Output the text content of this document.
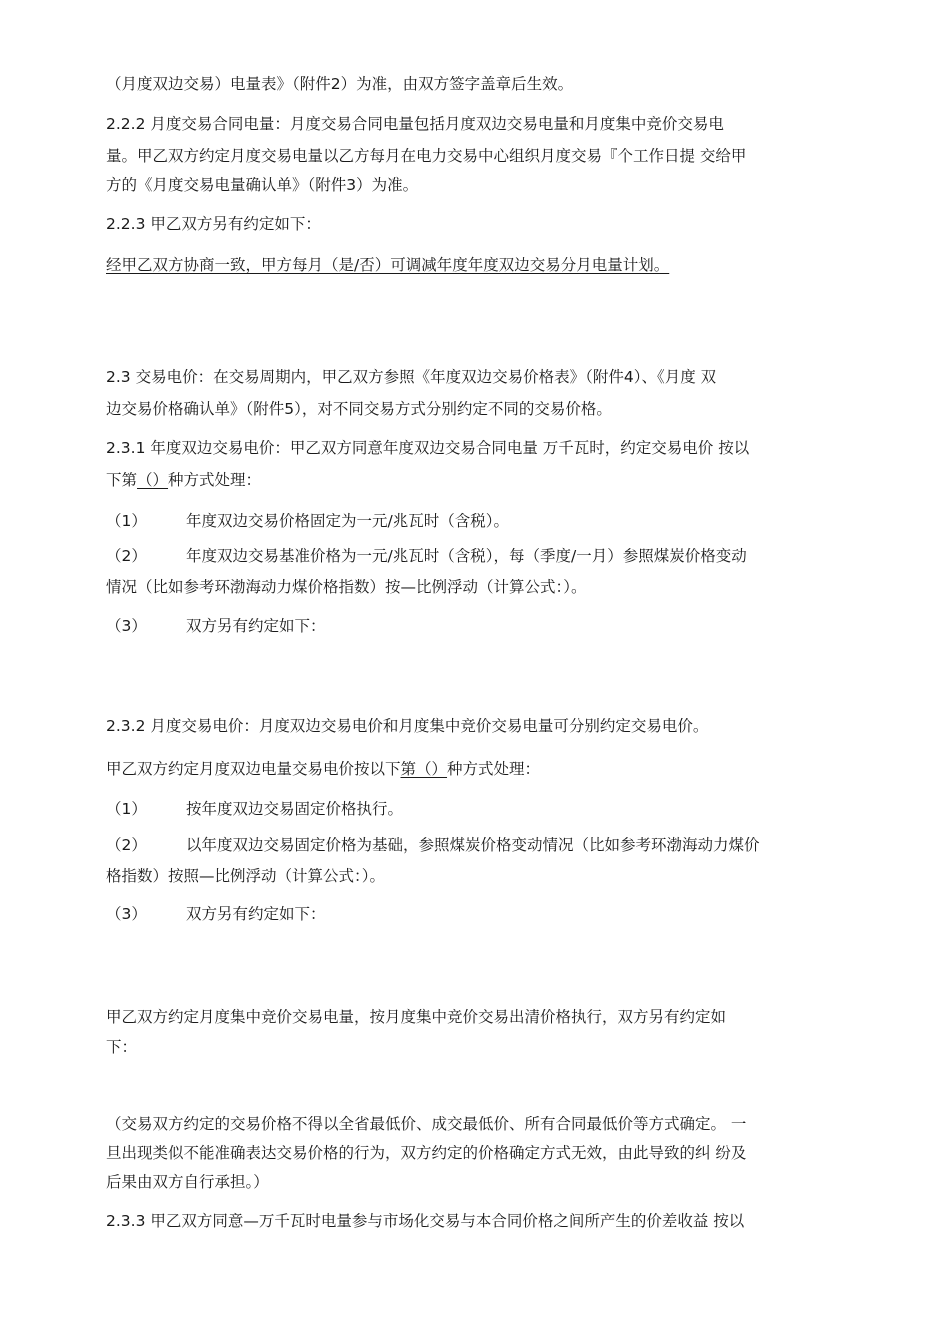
（月度双边交易）电量表》（附件2）为准，由双方签字盖章后生效。
2.2.2 月度交易合同电量：月度交易合同电量包括月度双边交易电量和月度集中竞价交易电
量。甲乙双方约定月度交易电量以乙方每月在电力交易中心组织月度交易『个工作日提 交给甲
方的《月度交易电量确认单》（附件3）为准。
2.2.3 甲乙双方另有约定如下：
经甲乙双方协商一致，甲方每月（是/否）可调减年度年度双边交易分月电量计划。
2.3 交易电价：在交易周期内，甲乙双方参照《年度双边交易价格表》（附件4）、《月度 双
边交易价格确认单》（附件5），对不同交易方式分别约定不同的交易价格。
2.3.1 年度双边交易电价：甲乙双方同意年度双边交易合同电量 万千瓦时，约定交易电价 按以
下第（）种方式处理：
（1）	年度双边交易价格固定为一元/兆瓦时（含税）。
（2）	年度双边交易基准价格为一元/兆瓦时（含税），每（季度/一月）参照煤炭价格变动
情况（比如参考环渤海动力煤价格指数）按—比例浮动（计算公式：）。
（3）	双方另有约定如下：
2.3.2 月度交易电价：月度双边交易电价和月度集中竞价交易电量可分别约定交易电价。
甲乙双方约定月度双边电量交易电价按以下第（）种方式处理：
（1）	按年度双边交易固定价格执行。
（2）	以年度双边交易固定价格为基础，参照煤炭价格变动情况（比如参考环渤海动力煤价
格指数）按照—比例浮动（计算公式：）。
（3）	双方另有约定如下：
甲乙双方约定月度集中竞价交易电量，按月度集中竞价交易出清价格执行，双方另有约定如
下：
（交易双方约定的交易价格不得以全省最低价、成交最低价、所有合同最低价等方式确定。 一
旦出现类似不能准确表达交易价格的行为，双方约定的价格确定方式无效，由此导致的纠 纷及
后果由双方自行承担。）
2.3.3 甲乙双方同意—万千瓦时电量参与市场化交易与本合同价格之间所产生的价差收益 按以
